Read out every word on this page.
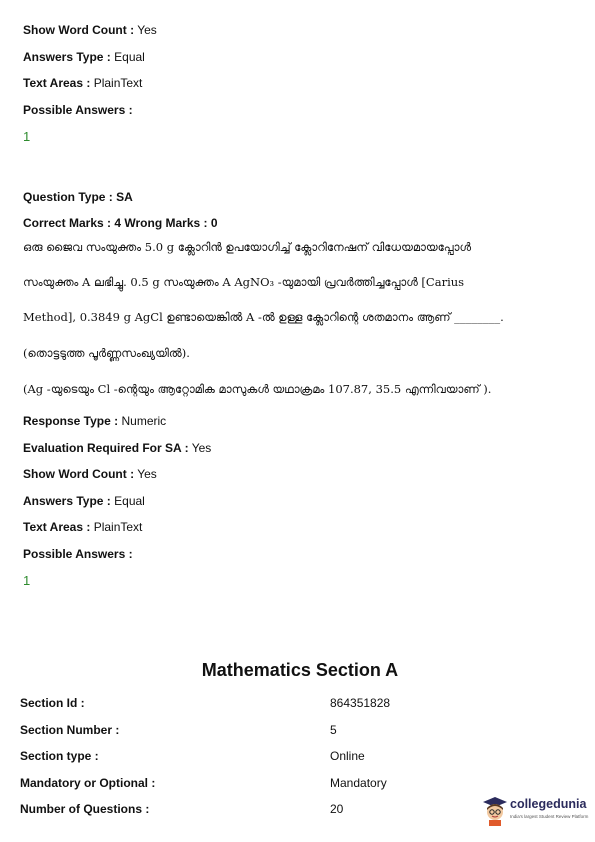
Show Word Count : Yes
Answers Type : Equal
Text Areas : PlainText
Possible Answers :
1
Question Type : SA
Correct Marks : 4 Wrong Marks : 0
ഒരു ജൈവ സംയുക്തം 5.0 g ക്ലോറിൻ ഉപയോഗിച്ച് ക്ലോറിനേഷന് വിധേയമായപ്പോൾ
സംയുക്തം A ലഭിച്ചു. 0.5 g സംയുക്തം A AgNO₃ -യുമായി പ്രവർത്തിച്ചപ്പോൾ [Carius
Method], 0.3849 g AgCl ഉണ്ടായെങ്കിൽ A -ൽ ഉള്ള ക്ലോറിന്റെ ശതമാനം ആണ് ________.
(തൊട്ടടുത്ത പൂർണ്ണസംഖ്യയിൽ).
(Ag -യുടെയും Cl -ന്റെയും ആറ്റോമിക മാസുകൾ യഥാക്രമം 107.87, 35.5 എന്നിവയാണ് ).
Response Type : Numeric
Evaluation Required For SA : Yes
Show Word Count : Yes
Answers Type : Equal
Text Areas : PlainText
Possible Answers :
1
Mathematics Section A
Section Id :	864351828
Section Number :	5
Section type :	Online
Mandatory or Optional :	Mandatory
Number of Questions :	20	collegedunia
India's largest Student Review Platform
